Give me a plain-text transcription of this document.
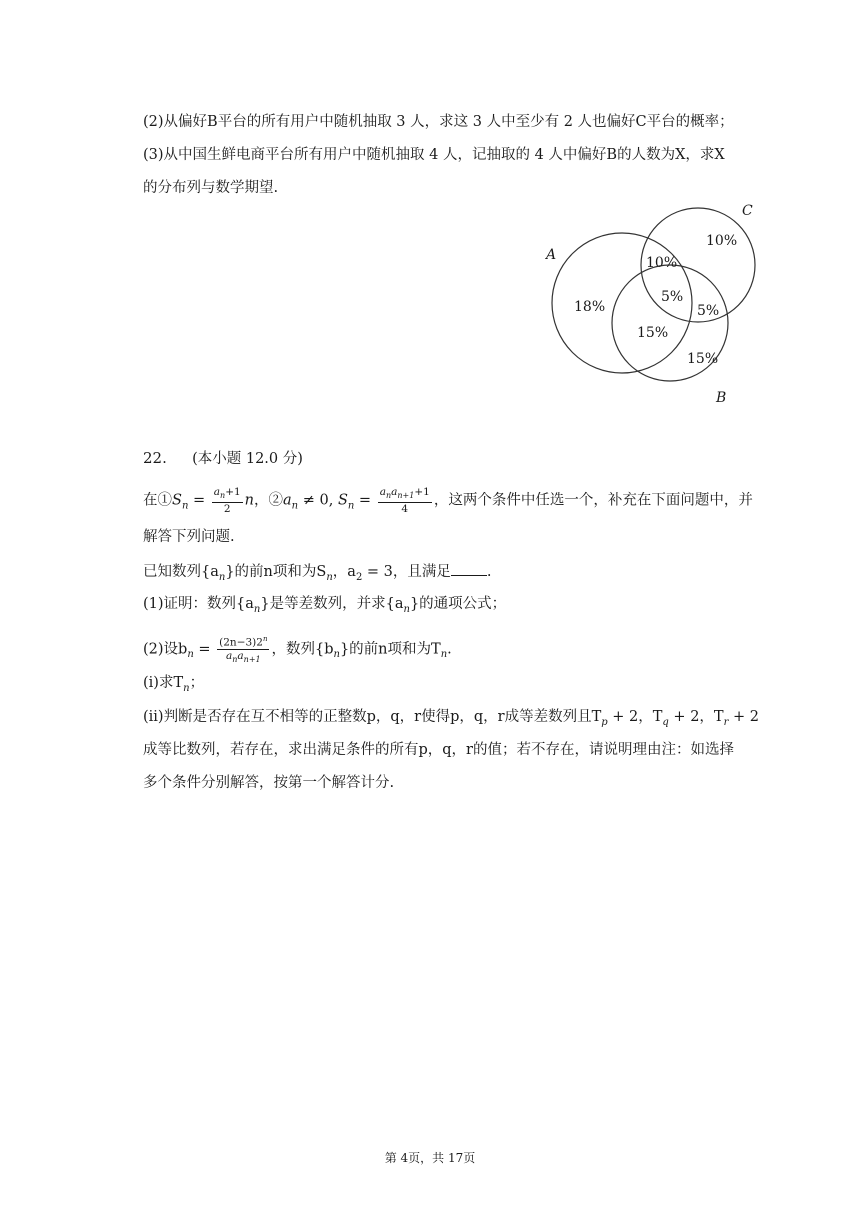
(2)从偏好B平台的所有用户中随机抽取 3 人，求这 3 人中至少有 2 人也偏好C平台的概率；
(3)从中国生鲜电商平台所有用户中随机抽取 4 人，记抽取的 4 人中偏好B的人数为X，求X
的分布列与数学期望.
A
C
B
18%
10%
10%
5%
15%
5%
15%
22. (本小题 12.0 分)
在$①S_n = \frac{a_n+1}{2}$ n，$②a_n \ne 0$, $S_n = \frac{a_na_{n+1}+1}{4}$ ，这两个条件中任选一个，补充在下面问题中，并
解答下列问题.
已知数列$\{a_n\}$的前n项和为$S_n$，$a_2 = 3$，且满足 .
(1)证明：数列$\{a_n\}$是等差数列，并求$\{a_n\}$的通项公式；
(2)设$b_n = \frac{(2n-3)2^n}{a_na_{n+1}}$ ，数列$\{b_n\}$的前n项和为$T_n$.
(i)求$T_n$；
(ii)判断是否存在互不相等的正整数p，q，r使得p，q，r成等差数列且$T_p + 2$，$T_q + 2$，$T_r + 2$
成等比数列，若存在，求出满足条件的所有p，q，r的值；若不存在，请说明理由注：如选择
多个条件分别解答，按第一个解答计分.
第 4页，共 17页
